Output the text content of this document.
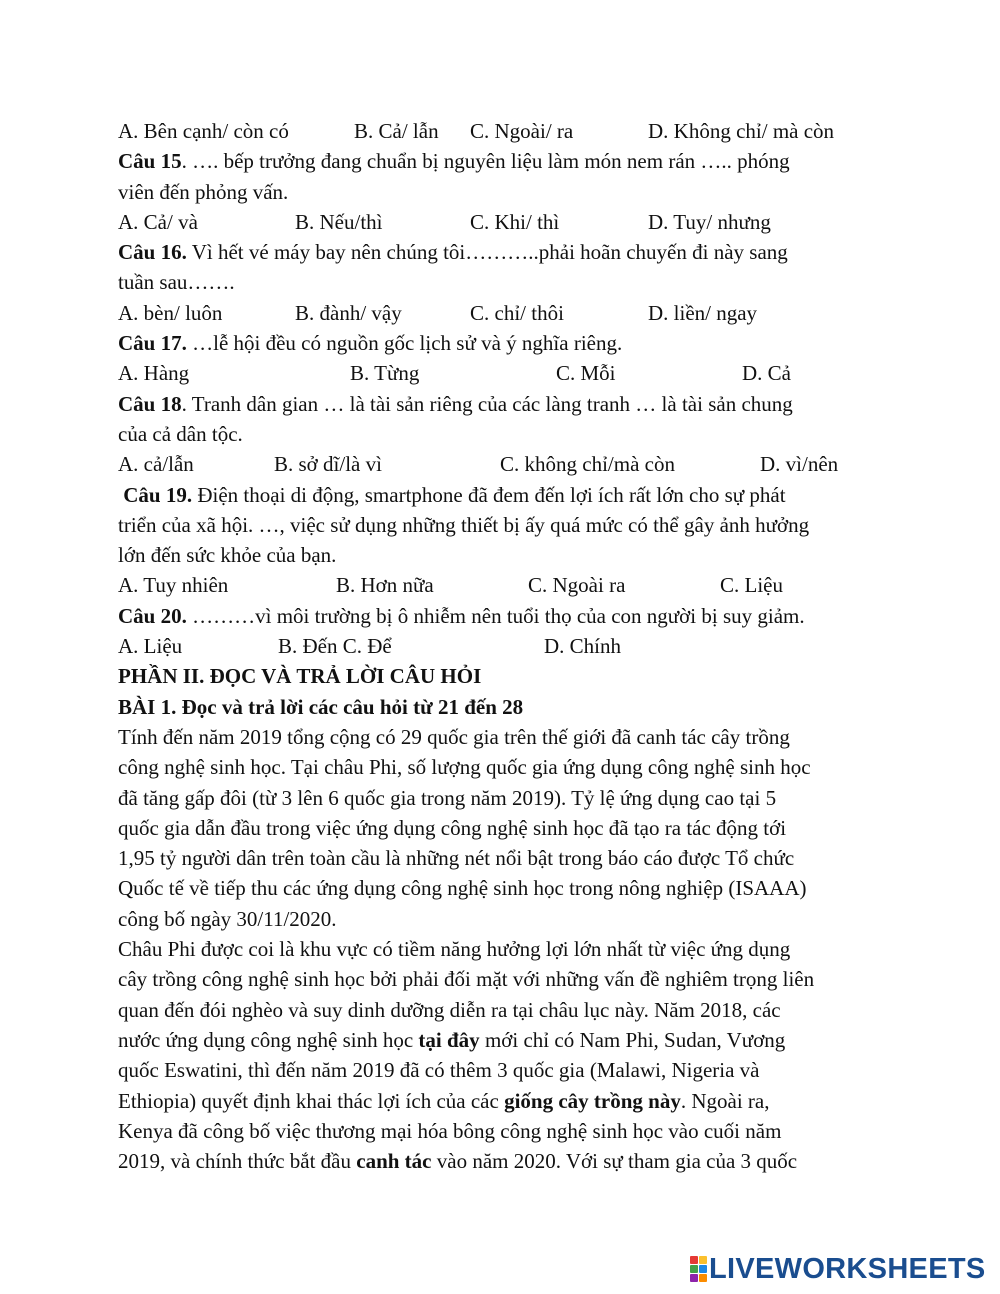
A. Bên cạnh/ còn có	B. Cả/ lẫn C. Ngoài/ ra	D. Không chỉ/ mà còn
Câu 15. …. bếp trưởng đang chuẩn bị nguyên liệu làm món nem rán ….. phóng
viên đến phỏng vấn.
A. Cả/ và	B. Nếu/thì	C. Khi/ thì	D. Tuy/ nhưng
Câu 16. Vì hết vé máy bay nên chúng tôi………..phải hoãn chuyến đi này sang
tuần sau…….
A. bèn/ luôn	B. đành/ vậy	C. chỉ/ thôi	D. liền/ ngay
Câu 17. …lễ hội đều có nguồn gốc lịch sử và ý nghĩa riêng.
A. Hàng	B. Từng	C. Mỗi	D. Cả
Câu 18. Tranh dân gian … là tài sản riêng của các làng tranh … là tài sản chung
của cả dân tộc.
A. cả/lẫn	B. sở dĩ/là vì	C. không chỉ/mà còn	D. vì/nên
Câu 19. Điện thoại di động, smartphone đã đem đến lợi ích rất lớn cho sự phát
triển của xã hội. …, việc sử dụng những thiết bị ấy quá mức có thể gây ảnh hưởng
lớn đến sức khỏe của bạn.
A. Tuy nhiên	B. Hơn nữa	C. Ngoài ra	C. Liệu
Câu 20. ………vì môi trường bị ô nhiễm nên tuổi thọ của con người bị suy giảm.
A. Liệu	B. Đến C. Để	D. Chính
PHẦN II. ĐỌC VÀ TRẢ LỜI CÂU HỎI
BÀI 1. Đọc và trả lời các câu hỏi từ 21 đến 28
Tính đến năm 2019 tổng cộng có 29 quốc gia trên thế giới đã canh tác cây trồng
công nghệ sinh học. Tại châu Phi, số lượng quốc gia ứng dụng công nghệ sinh học
đã tăng gấp đôi (từ 3 lên 6 quốc gia trong năm 2019). Tỷ lệ ứng dụng cao tại 5
quốc gia dẫn đầu trong việc ứng dụng công nghệ sinh học đã tạo ra tác động tới
1,95 tỷ người dân trên toàn cầu là những nét nổi bật trong báo cáo được Tổ chức
Quốc tế về tiếp thu các ứng dụng công nghệ sinh học trong nông nghiệp (ISAAA)
công bố ngày 30/11/2020.
Châu Phi được coi là khu vực có tiềm năng hưởng lợi lớn nhất từ việc ứng dụng
cây trồng công nghệ sinh học bởi phải đối mặt với những vấn đề nghiêm trọng liên
quan đến đói nghèo và suy dinh dưỡng diễn ra tại châu lục này. Năm 2018, các
nước ứng dụng công nghệ sinh học tại đây mới chỉ có Nam Phi, Sudan, Vương
quốc Eswatini, thì đến năm 2019 đã có thêm 3 quốc gia (Malawi, Nigeria và
Ethiopia) quyết định khai thác lợi ích của các giống cây trồng này. Ngoài ra,
Kenya đã công bố việc thương mại hóa bông công nghệ sinh học vào cuối năm
2019, và chính thức bắt đầu canh tác vào năm 2020. Với sự tham gia của 3 quốc
LIVEWORKSHEETS
